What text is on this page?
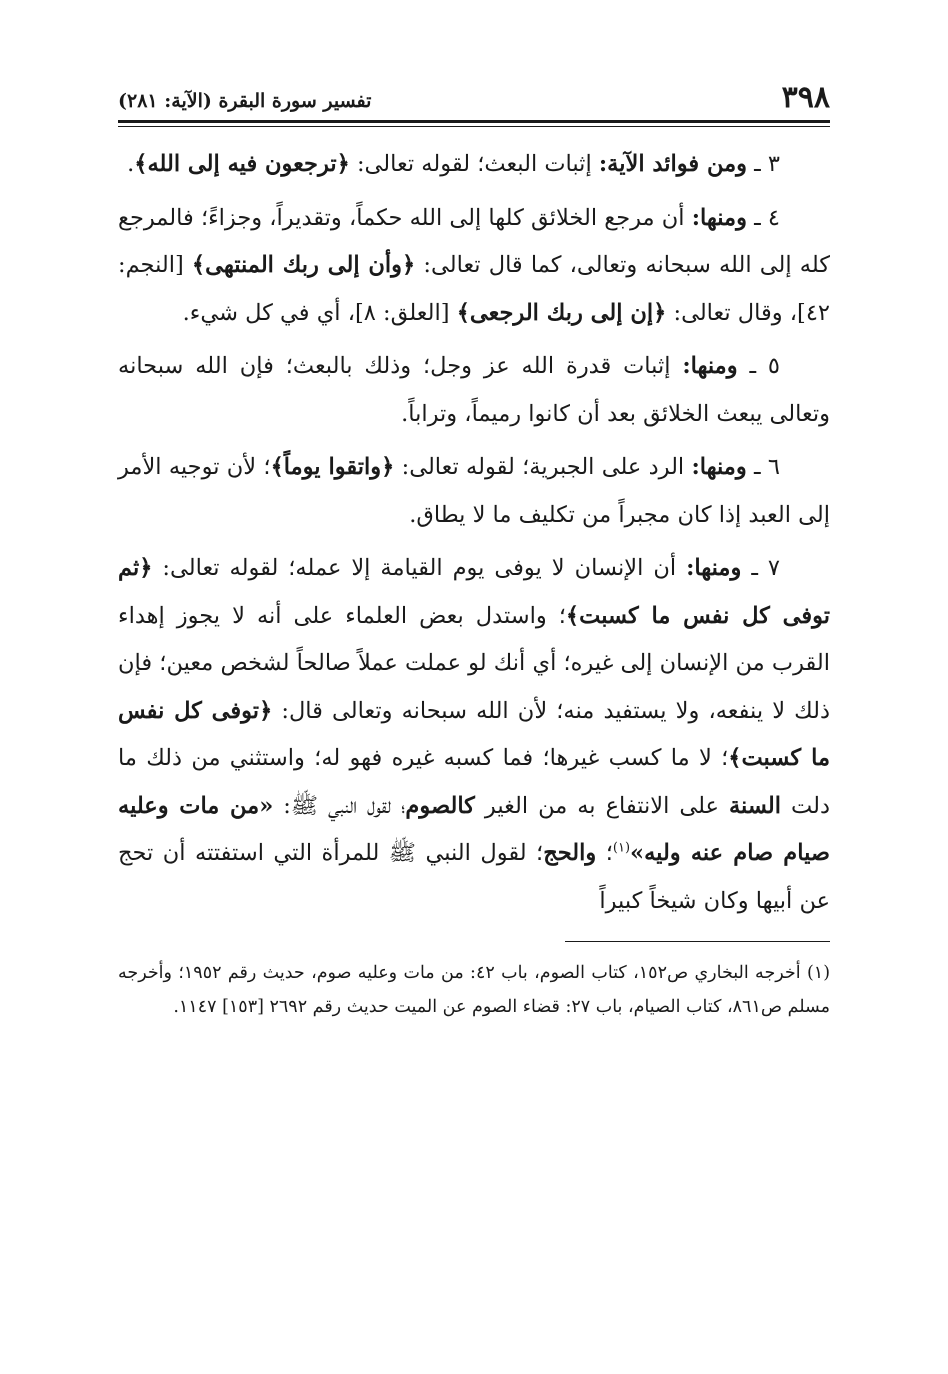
٣٩٨
تفسير سورة البقرة (الآية: ٢٨١)

٣ ـ ومن فوائد الآية: إثبات البعث؛ لقوله تعالى: ﴿ترجعون فيه إلى الله﴾.

٤ ـ ومنها: أن مرجع الخلائق كلها إلى الله حكماً، وتقديراً، وجزاءً؛ فالمرجع كله إلى الله سبحانه وتعالى، كما قال تعالى: ﴿وأن إلى ربك المنتهى﴾ [النجم: ٤٢]، وقال تعالى: ﴿إن إلى ربك الرجعى﴾ [العلق: ٨]، أي في كل شيء.

٥ ـ ومنها: إثبات قدرة الله عز وجل؛ وذلك بالبعث؛ فإن الله سبحانه وتعالى يبعث الخلائق بعد أن كانوا رميماً، وتراباً.

٦ ـ ومنها: الرد على الجبرية؛ لقوله تعالى: ﴿واتقوا يوماً﴾؛ لأن توجيه الأمر إلى العبد إذا كان مجبراً من تكليف ما لا يطاق.

٧ ـ ومنها: أن الإنسان لا يوفى يوم القيامة إلا عمله؛ لقوله تعالى: ﴿ثم توفى كل نفس ما كسبت﴾؛ واستدل بعض العلماء على أنه لا يجوز إهداء القرب من الإنسان إلى غيره؛ أي أنك لو عملت عملاً صالحاً لشخص معين؛ فإن ذلك لا ينفعه، ولا يستفيد منه؛ لأن الله سبحانه وتعالى قال: ﴿توفى كل نفس ما كسبت﴾؛ لا ما كسب غيرها؛ فما كسبه غيره فهو له؛ واستثني من ذلك ما دلت السنة على الانتفاع به من الغير كالصوم؛ لقول النبي ﷺ: «من مات وعليه صيام صام عنه وليه»$^{(١)}$؛ والحج؛ لقول النبي ﷺ للمرأة التي استفتته أن تحج عن أبيها وكان شيخاً كبيراً

(١) أخرجه البخاري ص١٥٢، كتاب الصوم، باب ٤٢: من مات وعليه صوم، حديث رقم ١٩٥٢؛ وأخرجه مسلم ص٨٦١، كتاب الصيام، باب ٢٧: قضاء الصوم عن الميت حديث رقم ٢٦٩٢ [١٥٣] ١١٤٧.
